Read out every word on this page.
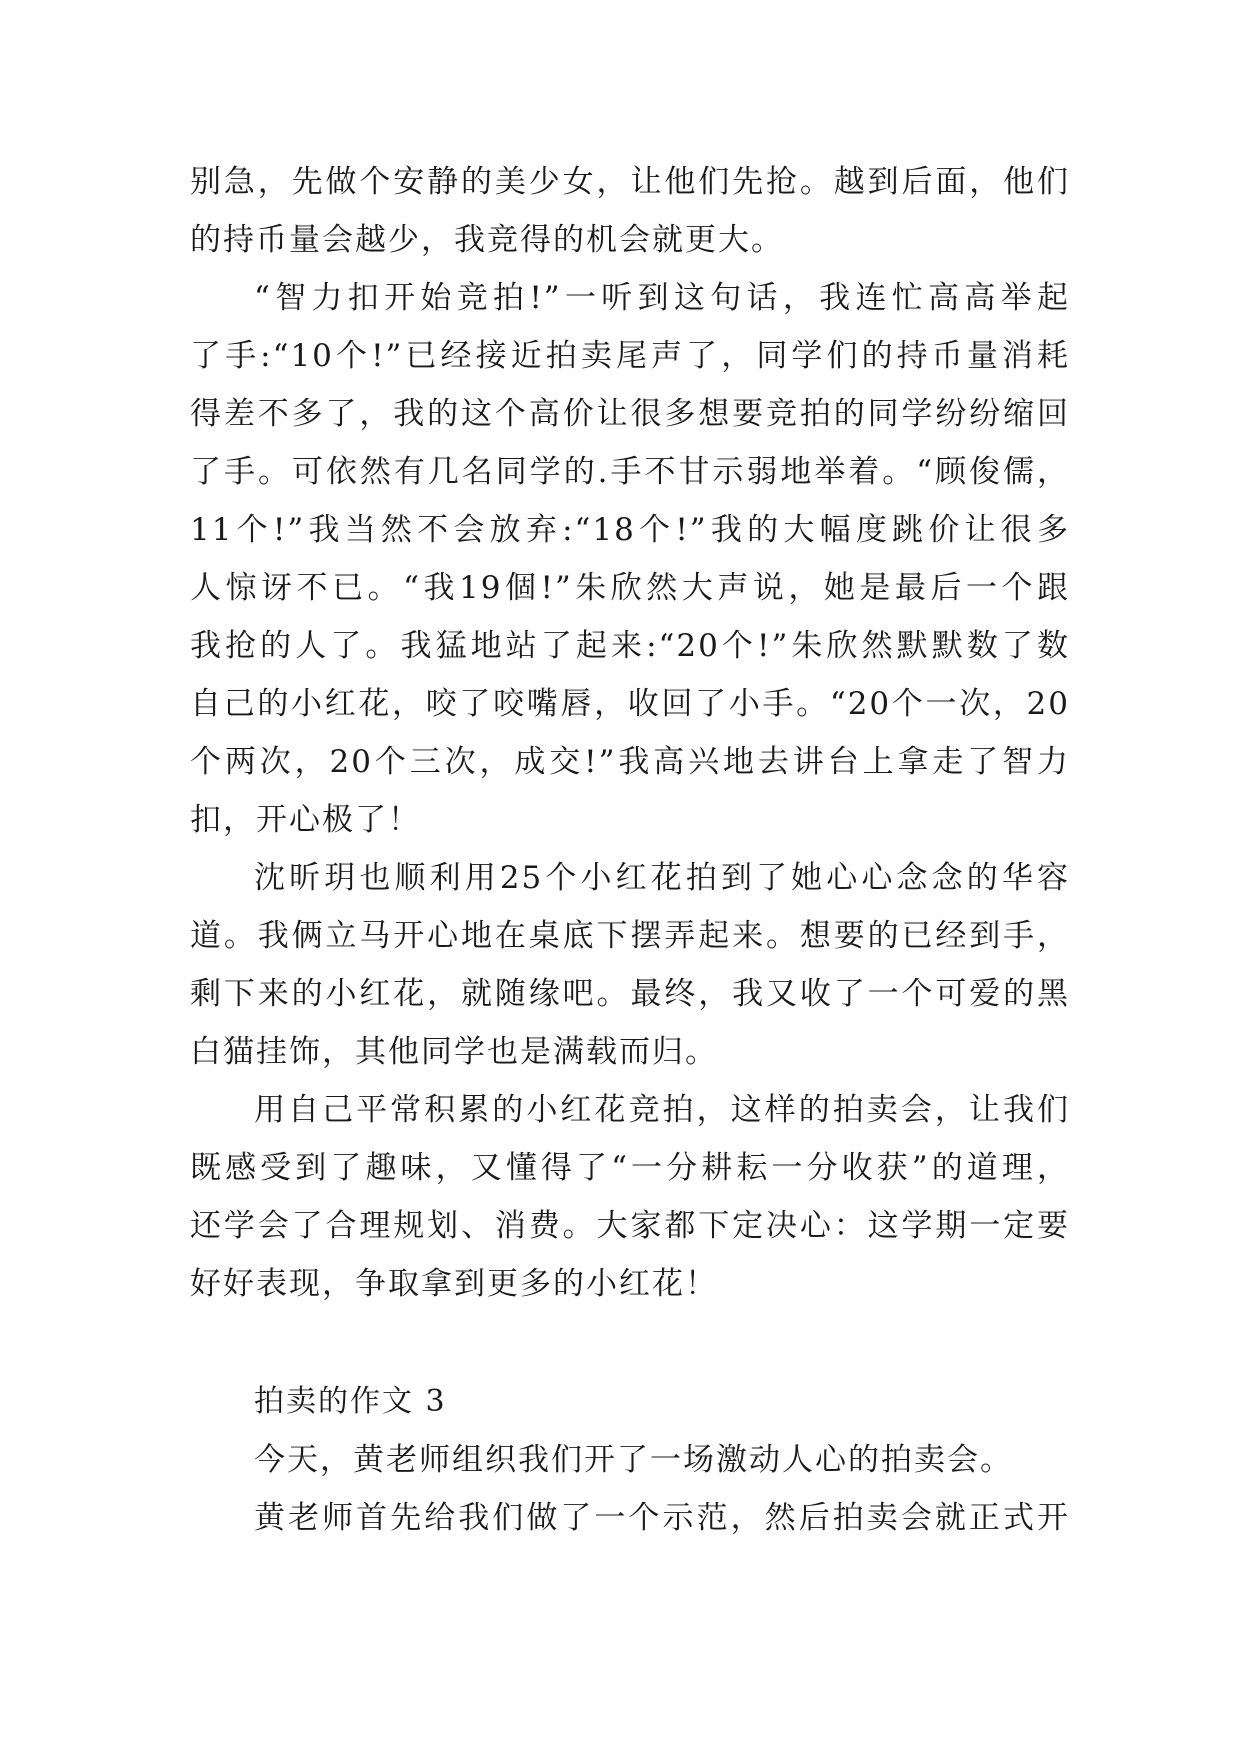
别急，先做个安静的美少女，让他们先抢。越到后面，他们
的持币量会越少，我竞得的机会就更大。
“智力扣开始竞拍!”一听到这句话，我连忙高高举起
了手:“10个!”已经接近拍卖尾声了，同学们的持币量消耗
得差不多了，我的这个高价让很多想要竞拍的同学纷纷缩回
了手。可依然有几名同学的.手不甘示弱地举着。“顾俊儒，
11个!”我当然不会放弃:“18个!”我的大幅度跳价让很多
人惊讶不已。“我19個!”朱欣然大声说，她是最后一个跟
我抢的人了。我猛地站了起来:“20个!”朱欣然默默数了数
自己的小红花，咬了咬嘴唇，收回了小手。“20个一次，20
个两次，20个三次，成交!”我高兴地去讲台上拿走了智力
扣，开心极了！
沈昕玥也顺利用25个小红花拍到了她心心念念的华容
道。我俩立马开心地在桌底下摆弄起来。想要的已经到手，
剩下来的小红花，就随缘吧。最终，我又收了一个可爱的黑
白猫挂饰，其他同学也是满载而归。
用自己平常积累的小红花竞拍，这样的拍卖会，让我们
既感受到了趣味，又懂得了“一分耕耘一分收获”的道理，
还学会了合理规划、消费。大家都下定决心：这学期一定要
好好表现，争取拿到更多的小红花！
拍卖的作文 3
今天，黄老师组织我们开了一场激动人心的拍卖会。
黄老师首先给我们做了一个示范，然后拍卖会就正式开
